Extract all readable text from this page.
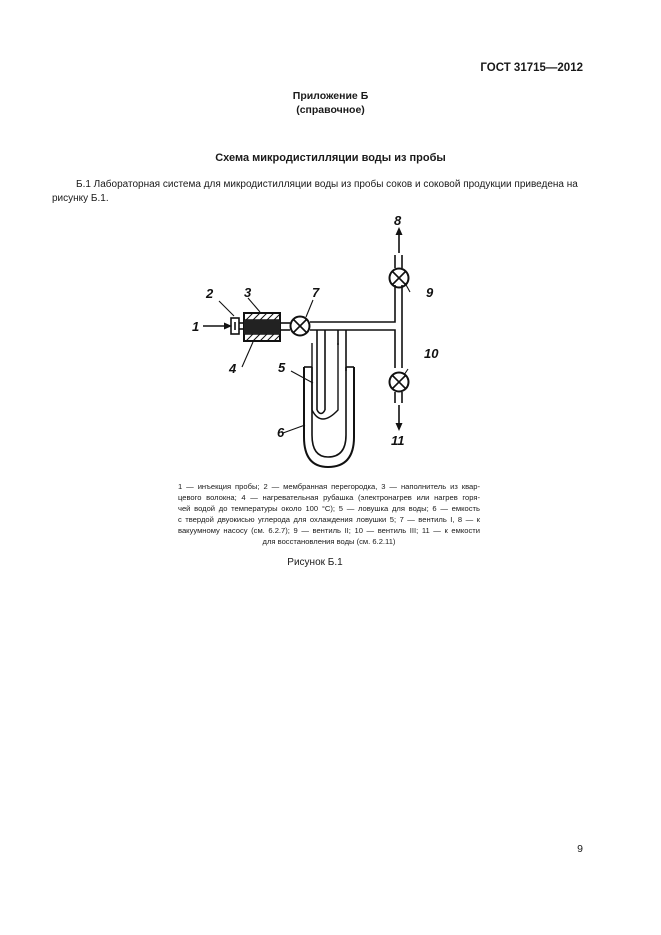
ГОСТ 31715—2012
Приложение Б
(справочное)
Схема микродистилляции воды из пробы
Б.1 Лабораторная система для микродистилляции воды из пробы соков и соковой продукции приведена на
рисунку Б.1.
1
2 3
4	5
6
7
8
9
10
11
1 — инъекция пробы; 2 — мембранная перегородка, 3 — наполнитель из квар-
цевого волокна; 4 — нагревательная рубашка (электронагрев или нагрев горя-
чей водой до температуры около 100 °С); 5 — ловушка для воды; 6 — емкость
с твердой двуокисью углерода для охлаждения ловушки 5; 7 — вентиль I, 8 — к
вакуумному насосу (см. 6.2.7); 9 — вентиль II; 10 — вентиль III; 11 — к емкости
для восстановления воды (см. 6.2.11)
Рисунок Б.1
9
